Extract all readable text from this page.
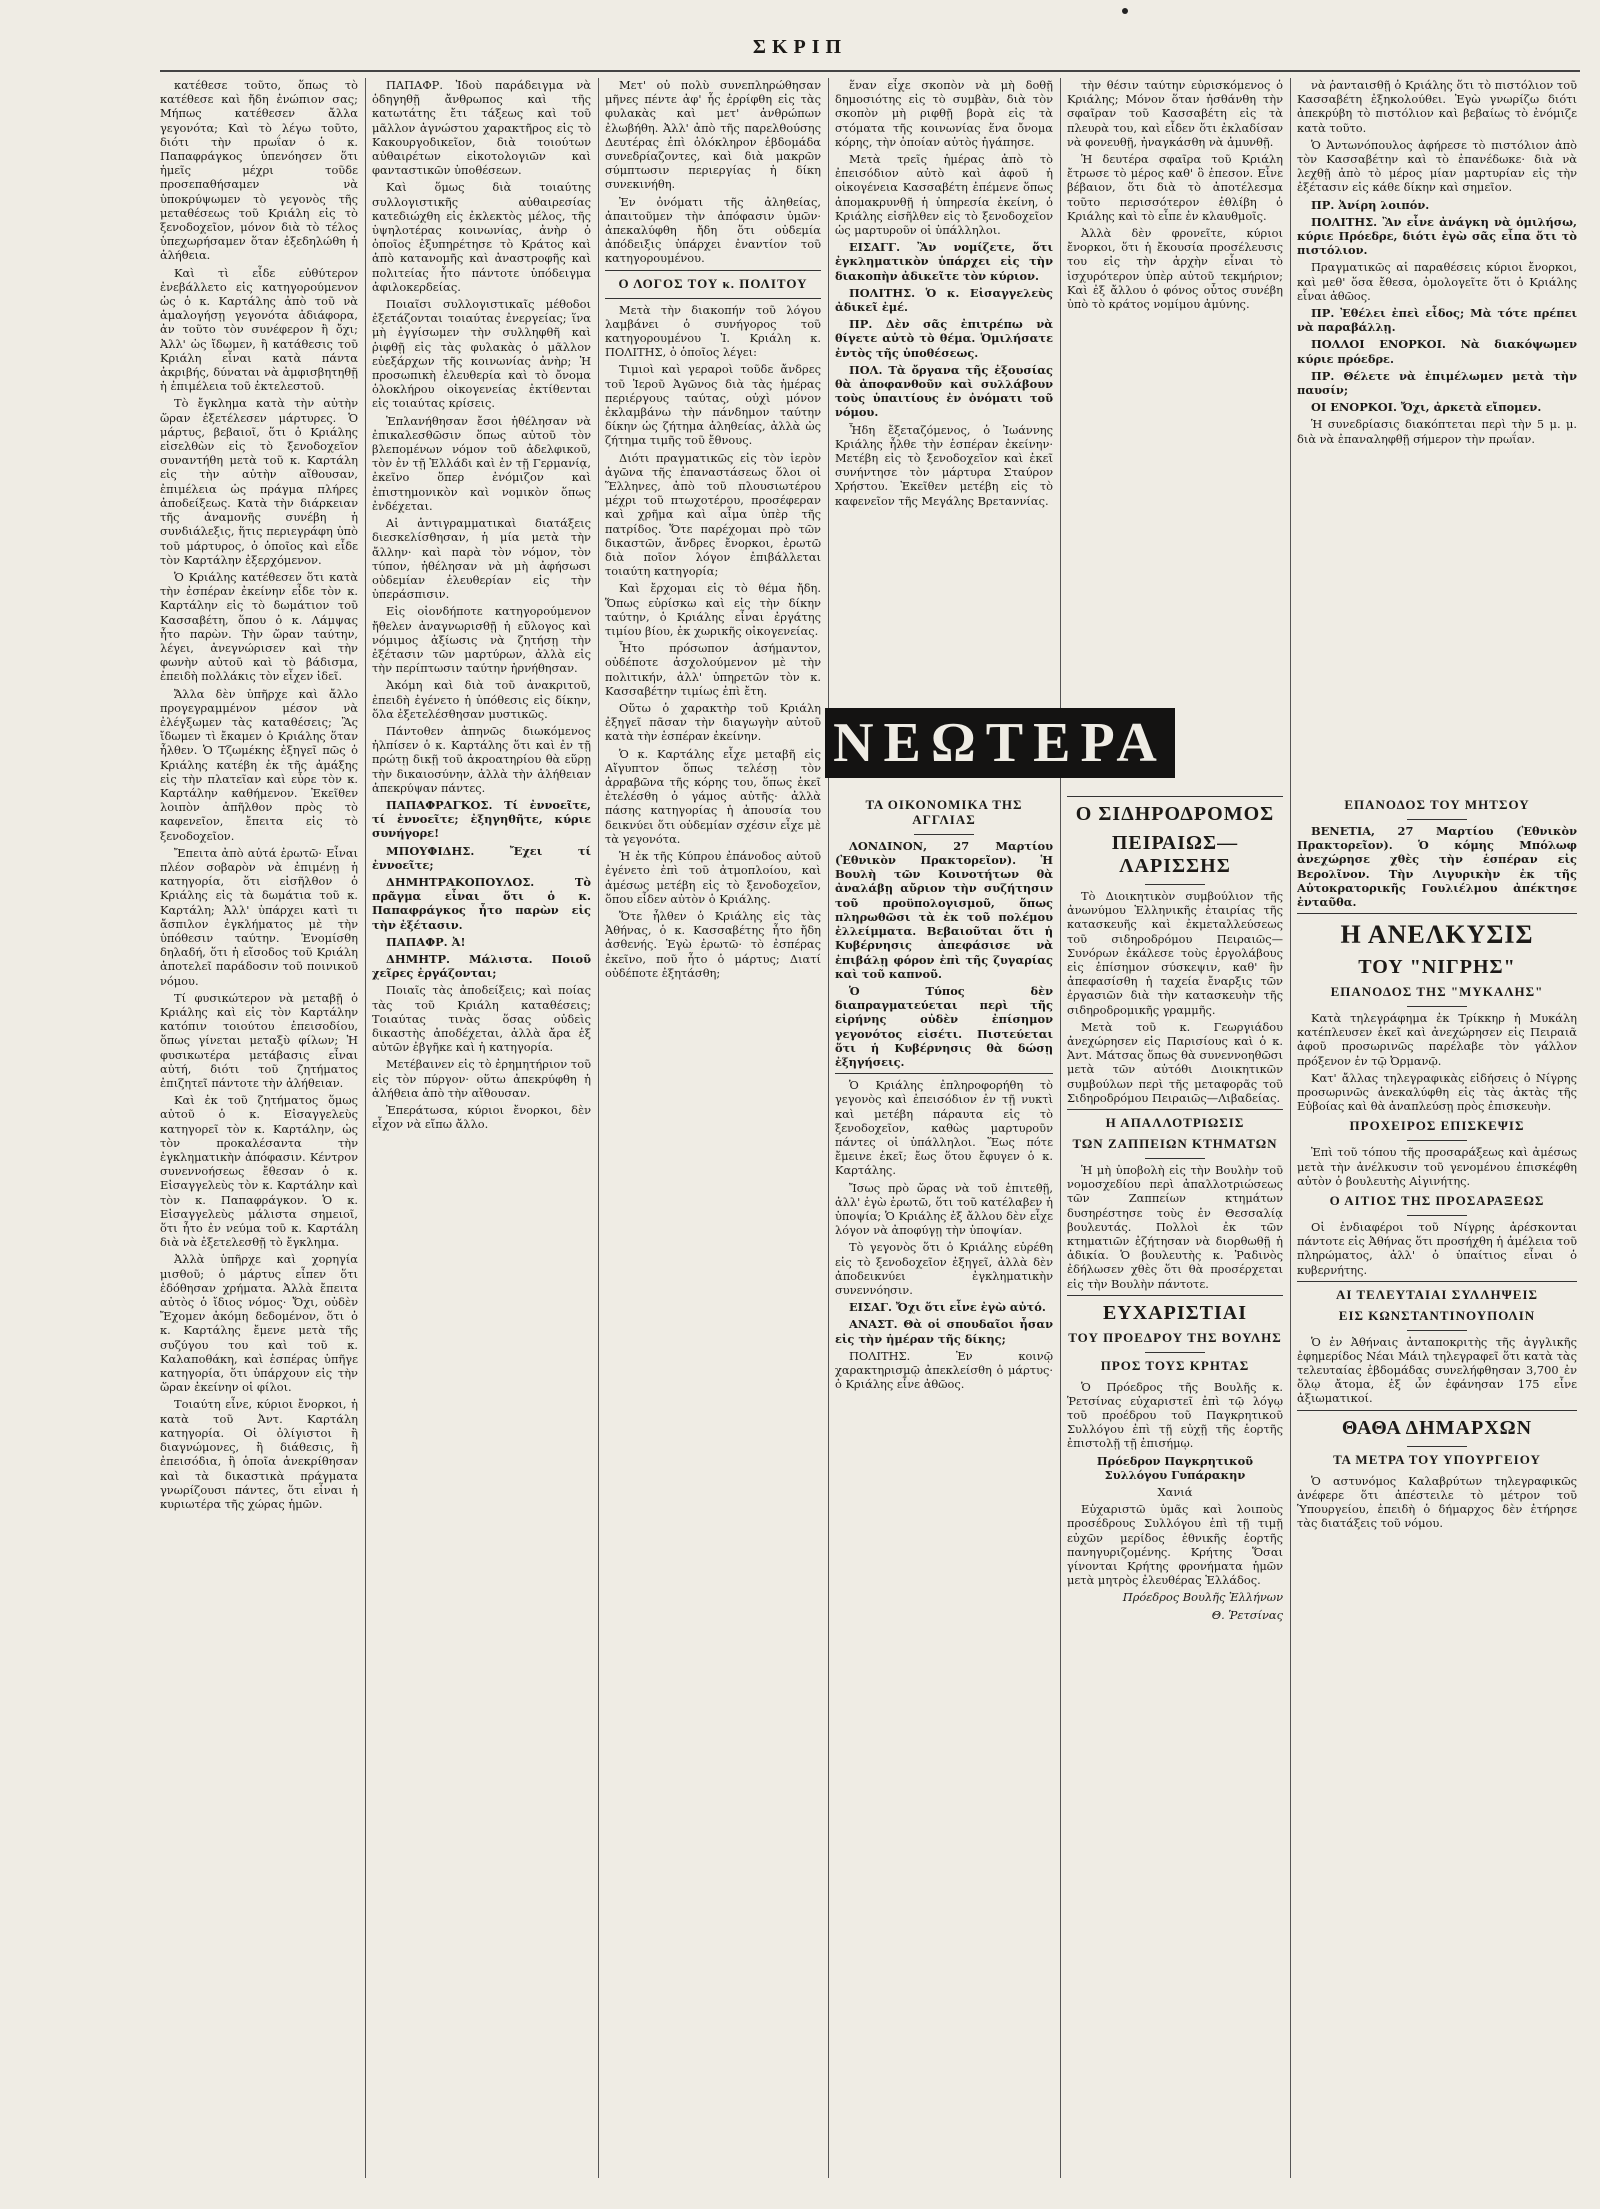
ΣΚΡΙΠ

κατέθεσε τοῦτο, ὅπως τὸ κατέθεσε καὶ ἤδη ἐνώπιον σας; Μήπως κατέθεσεν ἄλλα γεγονότα; Καὶ τὸ λέγω τοῦτο, διότι τὴν πρωΐαν ὁ κ. Παπαφράγκος ὑπενόησεν ὅτι ἡμεῖς μέχρι τοῦδε προσεπαθήσαμεν νὰ ὑποκρύψωμεν τὸ γεγονὸς τῆς μεταθέσεως τοῦ Κριάλη εἰς τὸ ξενοδοχεῖον, μόνον διὰ τὸ τέλος ὑπεχωρήσαμεν ὅταν ἐξεδηλώθη ἡ ἀλήθεια.

Καὶ τὶ εἶδε εὐθύτερον ἐνεβάλλετο εἰς κατηγορούμενον ὡς ὁ κ. Καρτάλης ἀπὸ τοῦ νὰ ἀμαλογήσῃ γεγονότα ἀδιάφορα, ἀν τοῦτο τὸν συνέφερον ἢ ὄχι; Ἀλλ' ὡς ἴδωμεν, ἢ κατάθεσις τοῦ Κριάλη εἶναι κατὰ πάντα ἀκριβής, δύναται νὰ ἀμφισβητηθῇ ἡ ἐπιμέλεια τοῦ ἐκτελεστοῦ.

Τὸ ἔγκλημα κατὰ τὴν αὐτὴν ὥραν ἐξετέλεσεν μάρτυρες. Ὁ μάρτυς, βεβαιοῖ, ὅτι ὁ Κριάλης εἰσελθὼν εἰς τὸ ξενοδοχεῖον συναντήθη μετὰ τοῦ κ. Καρτάλη εἰς τὴν αὐτὴν αἴθουσαν, ἐπιμέλεια ὡς πράγμα πλήρες ἀποδείξεως. Κατὰ τὴν διάρκειαν τῆς ἀναμονῆς συνέβη ἡ συνδιάλεξις, ἥτις περιεγράφη ὑπὸ τοῦ μάρτυρος, ὁ ὁποῖος καὶ εἶδε τὸν Καρτάλην ἐξερχόμενον.

Ὁ Κριάλης κατέθεσεν ὅτι κατὰ τὴν ἐσπέραν ἐκείνην εἶδε τὸν κ. Καρτάλην εἰς τὸ δωμάτιον τοῦ Κασσαβέτη, ὅπου ὁ κ. Λάμψας ἦτο παρὼν. Τὴν ὥραν ταύτην, λέγει, ἀνεγνώρισεν καὶ τὴν φωνὴν αὐτοῦ καὶ τὸ βάδισμα, ἐπειδὴ πολλάκις τὸν εἶχεν ἰδεῖ.

Ἄλλα δὲν ὑπῆρχε καὶ ἄλλο προγεγραμμένον μέσον νὰ ἐλέγξωμεν τὰς καταθέσεις; Ἂς ἴδωμεν τὶ ἔκαμεν ὁ Κριάλης ὅταν ἦλθεν. Ὁ Τζωμέκης ἐξηγεῖ πῶς ὁ Κριάλης κατέβη ἐκ τῆς ἀμάξης εἰς τὴν πλατεῖαν καὶ εὗρε τὸν κ. Καρτάλην καθήμενον. Ἐκεῖθεν λοιπὸν ἀπῆλθον πρὸς τὸ καφενεῖον, ἔπειτα εἰς τὸ ξενοδοχεῖον.

Ἔπειτα ἀπὸ αὐτά ἐρωτῶ· Εἶναι πλέον σοβαρὸν νὰ ἐπιμένῃ ἡ κατηγορία, ὅτι εἰσῆλθον ὁ Κριάλης εἰς τὰ δωμάτια τοῦ κ. Καρτάλη; Ἀλλ' ὑπάρχει κατὶ τι ἄσπιλον ἐγκλήματος μὲ τὴν ὑπόθεσιν ταύτην. Ἐνομίσθη δηλαδή, ὅτι ἡ εἴσοδος τοῦ Κριάλη ἀποτελεῖ παράδοσιν τοῦ ποινικοῦ νόμου.

Τί φυσικώτερον νὰ μεταβῇ ὁ Κριάλης καὶ εἰς τὸν Καρτάλην κατόπιν τοιούτου ἐπεισοδίου, ὅπως γίνεται μεταξὺ φίλων; Ἡ φυσικωτέρα μετάβασις εἶναι αὐτή, διότι τοῦ ζητήματος ἐπιζητεῖ πάντοτε τὴν ἀλήθειαν.

Καὶ ἐκ τοῦ ζητήματος ὅμως αὐτοῦ ὁ κ. Εἰσαγγελεὺς κατηγορεῖ τὸν κ. Καρτάλην, ὡς τὸν προκαλέσαντα τὴν ἐγκληματικὴν ἀπόφασιν. Κέντρον συνεννοήσεως ἔθεσαν ὁ κ. Εἰσαγγελεὺς τὸν κ. Καρτάλην καὶ τὸν κ. Παπαφράγκον. Ὁ κ. Εἰσαγγελεὺς μάλιστα σημειοῖ, ὅτι ἦτο ἐν νεύμα τοῦ κ. Καρτάλη διὰ νὰ ἐξετελεσθῇ τὸ ἔγκλημα.

Ἀλλὰ ὑπῆρχε καὶ χορηγία μισθοῦ; ὁ μάρτυς εἶπεν ὅτι ἐδόθησαν χρήματα. Ἀλλὰ ἔπειτα αὐτὸς ὁ ἴδιος νόμος· Ὄχι, οὐδὲν Ἔχομεν ἀκόμη δεδομένον, ὅτι ὁ κ. Καρτάλης ἔμενε μετὰ τῆς συζύγου του καὶ τοῦ κ. Καλαποθάκη, καὶ ἐσπέρας ὑπῆγε κατηγορία, ὅτι ὑπάρχουν εἰς τὴν ὥραν ἐκείνην οἱ φίλοι.

Τοιαύτη εἶνε, κύριοι ἔνορκοι, ἡ κατὰ τοῦ Ἀντ. Καρτάλη κατηγορία. Οἱ ὀλίγιστοι ἢ διαγνώμονες, ἢ διάθεσις, ἢ ἐπεισόδια, ἢ ὁποῖα ἀνεκρίθησαν καὶ τὰ δικαστικὰ πράγματα γνωρίζουσι πάντες, ὅτι εἶναι ἡ κυριωτέρα τῆς χώρας ἡμῶν.

ΠΑΠΑΦΡ. Ἰδοὺ παράδειγμα νὰ ὁδηγηθῇ ἄνθρωπος καὶ τῆς κατωτάτης ἔτι τάξεως καὶ τοῦ μᾶλλον ἀγνώστου χαρακτῆρος εἰς τὸ Κακουργοδικεῖον, διὰ τοιούτων αὐθαιρέτων εἰκοτολογιῶν καὶ φανταστικῶν ὑποθέσεων.

Καὶ ὅμως διὰ τοιαύτης συλλογιστικῆς αὐθαιρεσίας κατεδιώχθη εἰς ἐκλεκτὸς μέλος, τῆς ὑψηλοτέρας κοινωνίας, ἀνὴρ ὁ ὁποῖος ἐξυπηρέτησε τὸ Κράτος καὶ ἀπὸ κατανομῆς καὶ ἀναστροφῆς καὶ πολιτείας ἦτο πάντοτε ὑπόδειγμα ἀφιλοκερδείας.

Ποιαῖσι συλλογιστικαῖς μέθοδοι ἐξετάζονται τοιαύτας ἐνεργείας; ἵνα μὴ ἐγγίσωμεν τὴν συλληφθῆ καὶ ῥιφθῇ εἰς τὰς φυλακὰς ὁ μᾶλλον εὐεξάρχων τῆς κοινωνίας ἀνὴρ; Ἡ προσωπικὴ ἐλευθερία καὶ τὸ ὄνομα ὁλοκλήρου οἰκογενείας ἐκτίθενται εἰς τοιαύτας κρίσεις.

Ἐπλανήθησαν ἔσοι ἠθέλησαν νὰ ἐπικαλεσθῶσιν ὅπως αὐτοῦ τὸν βλεπομένων νόμον τοῦ ἀδελφικοῦ, τὸν ἐν τῇ Ἑλλάδι καὶ ἐν τῇ Γερμανίᾳ, ἐκεῖνο ὅπερ ἐνόμιζον καὶ ἐπιστημονικὸν καὶ νομικὸν ὅπως ἐνδέχεται.

Αἱ ἀντιγραμματικαὶ διατάξεις διεσκελίσθησαν, ἡ μία μετὰ τὴν ἄλλην· καὶ παρὰ τὸν νόμον, τὸν τύπον, ἠθέλησαν νὰ μὴ ἀφήσωσι οὐδεμίαν ἐλευθερίαν εἰς τὴν ὑπεράσπισιν.

Εἰς οἱονδήποτε κατηγορούμενον ἤθελεν ἀναγνωρισθῇ ἡ εὔλογος καὶ νόμιμος ἀξίωσις νὰ ζητήσῃ τὴν ἐξέτασιν τῶν μαρτύρων, ἀλλὰ εἰς τὴν περίπτωσιν ταύτην ἠρνήθησαν.

Ἀκόμη καὶ διὰ τοῦ ἀνακριτοῦ, ἐπειδὴ ἐγένετο ἡ ὑπόθεσις εἰς δίκην, ὅλα ἐξετελέσθησαν μυστικῶς.

Πάντοθεν ἀπηνῶς διωκόμενος ἠλπίσεν ὁ κ. Καρτάλης ὅτι καὶ ἐν τῇ πρώτῃ δικῇ τοῦ ἀκροατηρίου θὰ εὕρῃ τὴν δικαιοσύνην, ἀλλὰ τὴν ἀλήθειαν ἀπεκρύψαν πάντες.

ΠΑΠΑΦΡΑΓΚΟΣ. Τί ἐννοεῖτε, τί ἐννοεῖτε; ἐξηγηθῆτε, κύριε συνήγορε!

ΜΠΟΥΦΙΔΗΣ. Ἔχει τί ἐννοεῖτε;

ΔΗΜΗΤΡΑΚΟΠΟΥΛΟΣ. Τὸ πρᾶγμα εἶναι ὅτι ὁ κ. Παπαφράγκος ἦτο παρὼν εἰς τὴν ἐξέτασιν.

ΠΑΠΑΦΡ. Ἀ!

ΔΗΜΗΤΡ. Μάλιστα. Ποιοῦ χεῖρες ἐργάζονται;

Ποιαῖς τὰς ἀποδείξεις; καὶ ποίας τὰς τοῦ Κριάλη καταθέσεις; Τοιαύτας τινὰς ὅσας οὐδεὶς δικαστὴς ἀποδέχεται, ἀλλὰ ἄρα ἐξ αὐτῶν ἐβγῆκε καὶ ἡ κατηγορία.

Μετέβαινεν εἰς τὸ ἐρημητήριον τοῦ εἰς τὸν πύργον· οὕτω ἀπεκρύφθη ἡ ἀλήθεια ἀπὸ τὴν αἴθουσαν.

Ἐπεράτωσα, κύριοι ἔνορκοι, δὲν εἶχον νὰ εἴπω ἄλλο.

Μετ' οὐ πολὺ συνεπληρώθησαν μῆνες πέντε ἀφ' ἧς ἐρρίφθη εἰς τὰς φυλακὰς καὶ μετ' ἀνθρώπων ἐλωβήθη. Ἀλλ' ἀπὸ τῆς παρελθούσης Δευτέρας ἐπὶ ὁλόκληρον ἑβδομάδα συνεδρίαζοντες, καὶ διὰ μακρῶν σύμπτωσιν περιεργίας ἡ δίκη συνεκινήθη.

Ἐν ὀνόματι τῆς ἀληθείας, ἀπαιτοῦμεν τὴν ἀπόφασιν ὑμῶν· ἀπεκαλύφθη ἤδη ὅτι οὐδεμία ἀπόδειξις ὑπάρχει ἐναντίον τοῦ κατηγορουμένου.

Ο ΛΟΓΟΣ ΤΟΥ κ. ΠΟΛΙΤΟΥ

Μετὰ τὴν διακοπήν τοῦ λόγου λαμβάνει ὁ συνήγορος τοῦ κατηγορουμένου Ἰ. Κριάλη κ. ΠΟΛΙΤΗΣ, ὁ ὁποῖος λέγει:

Τιμιοὶ καὶ γεραροὶ τοῦδε ἄνδρες τοῦ Ἱεροῦ Ἀγῶνος διὰ τὰς ἡμέρας περιέργους ταύτας, οὐχὶ μόνον ἐκλαμβάνω τὴν πάνδημον ταύτην δίκην ὡς ζήτημα ἀληθείας, ἀλλὰ ὡς ζήτημα τιμῆς τοῦ ἔθνους.

Διότι πραγματικῶς εἰς τὸν ἱερὸν ἀγῶνα τῆς ἐπαναστάσεως ὅλοι οἱ Ἕλληνες, ἀπὸ τοῦ πλουσιωτέρου μέχρι τοῦ πτωχοτέρου, προσέφεραν καὶ χρῆμα καὶ αἷμα ὑπὲρ τῆς πατρίδος. Ὅτε παρέχομαι πρὸ τῶν δικαστῶν, ἄνδρες ἔνορκοι, ἐρωτῶ διὰ ποῖον λόγον ἐπιβάλλεται τοιαύτη κατηγορία;

Καὶ ἔρχομαι εἰς τὸ θέμα ἤδη. Ὅπως εὑρίσκω καὶ εἰς τὴν δίκην ταύτην, ὁ Κριάλης εἶναι ἐργάτης τιμίου βίου, ἐκ χωρικῆς οἰκογενείας.

Ἦτο πρόσωπον ἀσήμαντον, οὐδέποτε ἀσχολούμενον μὲ τὴν πολιτικήν, ἀλλ' ὑπηρετῶν τὸν κ. Κασσαβέτην τιμίως ἐπὶ ἔτη.

Οὕτω ὁ χαρακτὴρ τοῦ Κριάλη ἐξηγεῖ πᾶσαν τὴν διαγωγὴν αὐτοῦ κατὰ τὴν ἑσπέραν ἐκείνην.

Ὁ κ. Καρτάλης εἶχε μεταβῆ εἰς Αἴγυπτον ὅπως τελέσῃ τὸν ἀρραβῶνα τῆς κόρης του, ὅπως ἐκεῖ ἐτελέσθη ὁ γάμος αὐτῆς· ἀλλὰ πάσης κατηγορίας ἡ ἀπουσία του δεικνύει ὅτι οὐδεμίαν σχέσιν εἶχε μὲ τὰ γεγονότα.

Ἡ ἐκ τῆς Κύπρου ἐπάνοδος αὐτοῦ ἐγένετο ἐπὶ τοῦ ἀτμοπλοίου, καὶ ἀμέσως μετέβη εἰς τὸ ξενοδοχεῖον, ὅπου εἶδεν αὐτὸν ὁ Κριάλης.

Ὅτε ἦλθεν ὁ Κριάλης εἰς τὰς Ἀθήνας, ὁ κ. Κασσαβέτης ἦτο ἤδη ἀσθενής. Ἐγὼ ἐρωτῶ· τὸ ἐσπέρας ἐκεῖνο, ποῦ ἦτο ὁ μάρτυς; Διατί οὐδέποτε ἐξητάσθη;

ἕναν εἶχε σκοπὸν νὰ μὴ δοθῇ δημοσιότης εἰς τὸ συμβὰν, διὰ τὸν σκοπὸν μὴ ριφθῇ βορὰ εἰς τὰ στόματα τῆς κοινωνίας ἕνα ὄνομα κόρης, τὴν ὁποίαν αὐτὸς ἠγάπησε.

Μετὰ τρεῖς ἡμέρας ἀπὸ τὸ ἐπεισόδιον αὐτὸ καὶ ἀφοῦ ἡ οἰκογένεια Κασσαβέτη ἐπέμενε ὅπως ἀπομακρυνθῇ ἡ ὑπηρεσία ἐκείνη, ὁ Κριάλης εἰσῆλθεν εἰς τὸ ξενοδοχεῖον ὡς μαρτυροῦν οἱ ὑπάλληλοι.

ΕΙΣΑΓΓ. Ἂν νομίζετε, ὅτι ἐγκληματικὸν ὑπάρχει εἰς τὴν διακοπὴν ἀδικεῖτε τὸν κύριον.

ΠΟΛΙΤΗΣ. Ὁ κ. Εἰσαγγελεὺς ἀδικεῖ ἐμέ.

ΠΡ. Δὲν σᾶς ἐπιτρέπω νὰ θίγετε αὐτὸ τὸ θέμα. Ὁμιλήσατε ἐντὸς τῆς ὑποθέσεως.

ΠΟΛ. Τὰ ὄργανα τῆς ἐξουσίας θὰ ἀποφανθοῦν καὶ συλλάβουν τοὺς ὑπαιτίους ἐν ὀνόματι τοῦ νόμου.

Ἦδη ἔξεταζόμενος, ὁ Ἰωάννης Κριάλης ἦλθε τὴν ἑσπέραν ἐκείνην· Μετέβη εἰς τὸ ξενοδοχεῖον καὶ ἐκεῖ συνήντησε τὸν μάρτυρα Σταύρον Χρήστου. Ἐκεῖθεν μετέβη εἰς τὸ καφενεῖον τῆς Μεγάλης Βρεταννίας.

τὴν θέσιν ταύτην εὑρισκόμενος ὁ Κριάλης; Μόνον ὅταν ἠσθάνθη τὴν σφαῖραν τοῦ Κασσαβέτη εἰς τὰ πλευρὰ του, καὶ εἶδεν ὅτι ἐκλαδίσαν νὰ φονευθῇ, ἠναγκάσθη νὰ ἀμυνθῇ.

Ἡ δευτέρα σφαῖρα τοῦ Κριάλη ἔτρωσε τὸ μέρος καθ' ὃ ἐπεσον. Εἶνε βέβαιον, ὅτι διὰ τὸ ἀποτέλεσμα τοῦτο περισσότερον ἐθλίβη ὁ Κριάλης καὶ τὸ εἶπε ἐν κλαυθμοῖς.

Ἀλλὰ δὲν φρονεῖτε, κύριοι ἔνορκοι, ὅτι ἡ ἔκουσία προσέλευσις του εἰς τὴν ἀρχὴν εἶναι τὸ ἰσχυρότερον ὑπὲρ αὐτοῦ τεκμήριον; Καὶ ἐξ ἄλλου ὁ φόνος οὗτος συνέβη ὑπὸ τὸ κράτος νομίμου ἀμύνης.

νὰ ῥανταισθῇ ὁ Κριάλης ὅτι τὸ πιστόλιον τοῦ Κασσαβέτη ἐξηκολούθει. Ἐγὼ γνωρίζω διότι ἀπεκρύβη τὸ πιστόλιον καὶ βεβαίως τὸ ἐνόμιζε κατὰ τοῦτο.

Ὁ Ἀντωνόπουλος ἀφήρεσε τὸ πιστόλιον ἀπὸ τὸν Κασσαβέτην καὶ τὸ ἐπανέδωκε· διὰ νὰ λεχθῇ ἀπὸ τὸ μέρος μίαν μαρτυρίαν εἰς τὴν ἐξέτασιν εἰς κάθε δίκην καὶ σημεῖον.

ΠΡ. Ἀνίρη λοιπόν.

ΠΟΛΙΤΗΣ. Ἂν εἶνε ἀνάγκη νὰ ὁμιλήσω, κύριε Πρόεδρε, διότι ἐγὼ σᾶς εἶπα ὅτι τὸ πιστόλιον.

Πραγματικῶς αἱ παραθέσεις κύριοι ἔνορκοι, καὶ μεθ' ὅσα ἔθεσα, ὁμολογεῖτε ὅτι ὁ Κριάλης εἶναι ἀθῶος.

ΠΡ. Ἐθέλει ἐπεὶ εἶδος; Μὰ τότε πρέπει νὰ παραβάλλῃ.

ΠΟΛΛΟΙ ΕΝΟΡΚΟΙ. Νὰ διακόψωμεν κύριε πρόεδρε.

ΠΡ. Θέλετε νὰ ἐπιμέλωμεν μετὰ τὴν παυσίν;

ΟΙ ΕΝΟΡΚΟΙ. Ὄχι, ἀρκετὰ εἴπομεν.

Ἡ συνεδρίασις διακόπτεται περὶ τὴν 5 μ. μ. διὰ νὰ ἐπαναληφθῇ σήμερον τὴν πρωΐαν.

ΝΕΩΤΕΡΑ
ΤΑ ΟΙΚΟΝΟΜΙΚΑ ΤΗΣ ΑΓΓΛΙΑΣ

ΛΟΝΔΙΝΟΝ, 27 Μαρτίου (Ἐθνικὸν Πρακτορεῖον). Ἡ Βουλὴ τῶν Κοινοτήτων θὰ ἀναλάβῃ αὔριον τὴν συζήτησιν τοῦ προϋπολογισμοῦ, ὅπως πληρωθῶσι τὰ ἐκ τοῦ πολέμου ἐλλείμματα. Βεβαιοῦται ὅτι ἡ Κυβέρνησις ἀπεφάσισε νὰ ἐπιβάλῃ φόρον ἐπὶ τῆς ζυγαρίας καὶ τοῦ καπνοῦ.

Ὁ Τύπος δὲν διαπραγματεύεται περὶ τῆς εἰρήνης οὐδὲν ἐπίσημον γεγονότος εἰσέτι. Πιστεύεται ὅτι ἡ Κυβέρνησις θὰ δώσῃ ἐξηγήσεις.

Ὁ Κριάλης ἐπληροφορήθη τὸ γεγονὸς καὶ ἐπεισόδιον ἐν τῇ νυκτὶ καὶ μετέβη πάραυτα εἰς τὸ ξενοδοχεῖον, καθὼς μαρτυροῦν πάντες οἱ ὑπάλληλοι. Ἕως πότε ἔμεινε ἐκεῖ; ἔως ὅτου ἔφυγεν ὁ κ. Καρτάλης.

Ἴσως πρὸ ὥρας νὰ τοῦ ἐπιτεθῇ, ἀλλ' ἐγὼ ἐρωτῶ, ὅτι τοῦ κατέλαβεν ἡ ὑποψία; Ὁ Κριάλης ἐξ ἄλλου δὲν εἶχε λόγον νὰ ἀποφύγῃ τὴν ὑποψίαν.

Τὸ γεγονὸς ὅτι ὁ Κριάλης εὑρέθη εἰς τὸ ξενοδοχεῖον ἐξηγεῖ, ἀλλὰ δὲν ἀποδεικνύει ἐγκληματικὴν συνεννόησιν.

ΕΙΣΑΓ. Ὄχι ὅτι εἶνε ἐγὼ αὐτό.

ΑΝΑΣΤ. Θὰ οἱ σπουδαῖοι ἦσαν εἰς τὴν ἡμέραν τῆς δίκης;

ΠΟΛΙΤΗΣ. Ἐν κοινῷ χαρακτηρισμῷ ἀπεκλείσθη ὁ μάρτυς· ὁ Κριάλης εἶνε ἀθῶος.

Ο ΣΙΔΗΡΟΔΡΟΜΟΣ
ΠΕΙΡΑΙΩΣ—ΛΑΡΙΣΣΗΣ

Τὸ Διοικητικὸν συμβούλιον τῆς ἀνωνύμου Ἑλληνικῆς ἑταιρίας τῆς κατασκευῆς καὶ ἐκμεταλλεύσεως τοῦ σιδηροδρόμου Πειραιῶς—Συνόρων ἐκάλεσε τοὺς ἐργολάβους εἰς ἐπίσημον σύσκεψιν, καθ' ἣν ἀπεφασίσθη ἡ ταχεία ἔναρξις τῶν ἐργασιῶν διὰ τὴν κατασκευὴν τῆς σιδηροδρομικῆς γραμμῆς.

Μετὰ τοῦ κ. Γεωργιάδου ἀνεχώρησεν εἰς Παρισίους καὶ ὁ κ. Ἀντ. Μάτσας ὅπως θὰ συνεννοηθῶσι μετὰ τῶν αὐτόθι Διοικητικῶν συμβούλων περὶ τῆς μεταφορᾶς τοῦ Σιδηροδρόμου Πειραιῶς—Λιβαδείας.

Η ΑΠΑΛΛΟΤΡΙΩΣΙΣ
ΤΩΝ ΖΑΠΠΕΙΩΝ ΚΤΗΜΑΤΩΝ

Ἡ μὴ ὑποβολὴ εἰς τὴν Βουλὴν τοῦ νομοσχεδίου περὶ ἀπαλλοτριώσεως τῶν Ζαππείων κτημάτων δυσηρέστησε τοὺς ἐν Θεσσαλίᾳ βουλευτάς. Πολλοὶ ἐκ τῶν κτηματιῶν ἐζήτησαν νὰ διορθωθῇ ἡ ἀδικία. Ὁ βουλευτὴς κ. Ῥαδινὸς ἐδήλωσεν χθὲς ὅτι θὰ προσέρχεται εἰς τὴν Βουλὴν πάντοτε.

ΕΥΧΑΡΙΣΤΙΑΙ
ΤΟΥ ΠΡΟΕΔΡΟΥ ΤΗΣ ΒΟΥΛΗΣ
ΠΡΟΣ ΤΟΥΣ ΚΡΗΤΑΣ

Ὁ Πρόεδρος τῆς Βουλῆς κ. Ῥετσίνας εὐχαριστεῖ ἐπὶ τῷ λόγῳ τοῦ προέδρου τοῦ Παγκρητικοῦ Συλλόγου ἐπὶ τῇ εὐχῇ τῆς ἑορτῆς ἐπιστολῇ τῇ ἐπισήμῳ.

Πρόεδρον Παγκρητικοῦ Συλλόγου Γυπάρακην

Χανιά

Εὐχαριστῶ ὑμᾶς καὶ λοιποὺς προσέδρους Συλλόγου ἐπὶ τῇ τιμῇ εὐχῶν μερίδος ἐθνικῆς ἑορτῆς πανηγυριζομένης. Κρήτης Ὅσαι γίνονται Κρήτης φρονήματα ἡμῶν μετὰ μητρὸς ἐλευθέρας Ἑλλάδος.

Πρόεδρος Βουλῆς Ἑλλήνων

Θ. Ῥετσίνας

ΕΠΑΝΟΔΟΣ ΤΟΥ ΜΗΤΣΟΥ

ΒΕΝΕΤΙΑ, 27 Μαρτίου (Ἐθνικὸν Πρακτορεῖον). Ὁ κόμης Μπόλωφ ἀνεχώρησε χθὲς τὴν ἑσπέραν εἰς Βερολῖνον. Τὴν Λιγυρικὴν ἐκ τῆς Αὐτοκρατορικῆς Γουλιέλμου ἀπέκτησε ἐνταῦθα.

Η ΑΝΕΛΚΥΣΙΣ
ΤΟΥ "ΝΙΓΡΗΣ"
ΕΠΑΝΟΔΟΣ ΤΗΣ "ΜΥΚΑΛΗΣ"

Κατὰ τηλεγράφημα ἐκ Τρίκκηρ ἡ Μυκάλη κατέπλευσεν ἐκεῖ καὶ ἀνεχώρησεν εἰς Πειραιᾶ ἀφοῦ προσωρινῶς παρέλαβε τὸν γάλλον πρόξενον ἐν τῷ Ὀρμανῷ.

Κατ' ἄλλας τηλεγραφικὰς εἰδήσεις ὁ Νίγρης προσωρινῶς ἀνεκαλύφθη εἰς τὰς ἀκτὰς τῆς Εὐβοίας καὶ θὰ ἀναπλεύσῃ πρὸς ἐπισκευὴν.

ΠΡΟΧΕΙΡΟΣ ΕΠΙΣΚΕΨΙΣ

Ἐπὶ τοῦ τόπου τῆς προσαράξεως καὶ ἀμέσως μετὰ τὴν ἀνέλκυσιν τοῦ γενομένου ἐπισκέφθη αὐτὸν ὁ βουλευτὴς Αἰγινήτης.

Ο ΑΙΤΙΟΣ ΤΗΣ ΠΡΟΣΑΡΑΞΕΩΣ

Οἱ ἐνδιαφέροι τοῦ Νίγρης ἀρέσκονται πάντοτε εἰς Ἀθήνας ὅτι προσήχθη ἡ ἀμέλεια τοῦ πληρώματος, ἀλλ' ὁ ὑπαίτιος εἶναι ὁ κυβερνήτης.

ΑΙ ΤΕΛΕΥΤΑΙΑΙ ΣΥΛΛΗΨΕΙΣ
ΕΙΣ ΚΩΝΣΤΑΝΤΙΝΟΥΠΟΛΙΝ

Ὁ ἐν Ἀθήναις ἀνταποκριτὴς τῆς ἀγγλικῆς ἐφημερίδος Νέαι Μάιλ τηλεγραφεῖ ὅτι κατὰ τὰς τελευταίας ἑβδομάδας συνελήφθησαν 3,700 ἐν ὅλῳ ἄτομα, ἐξ ὧν ἐφάνησαν 175 εἶνε ἀξιωματικοί.

ΘΑΘΑ ΔΗΜΑΡΧΩΝ
ΤΑ ΜΕΤΡΑ ΤΟΥ ΥΠΟΥΡΓΕΙΟΥ

Ὁ αστυνόμος Καλαβρύτων τηλεγραφικῶς ἀνέφερε ὅτι ἀπέστειλε τὸ μέτρον τοῦ Ὑπουργείου, ἐπειδὴ ὁ δήμαρχος δὲν ἐτήρησε τὰς διατάξεις τοῦ νόμου.
